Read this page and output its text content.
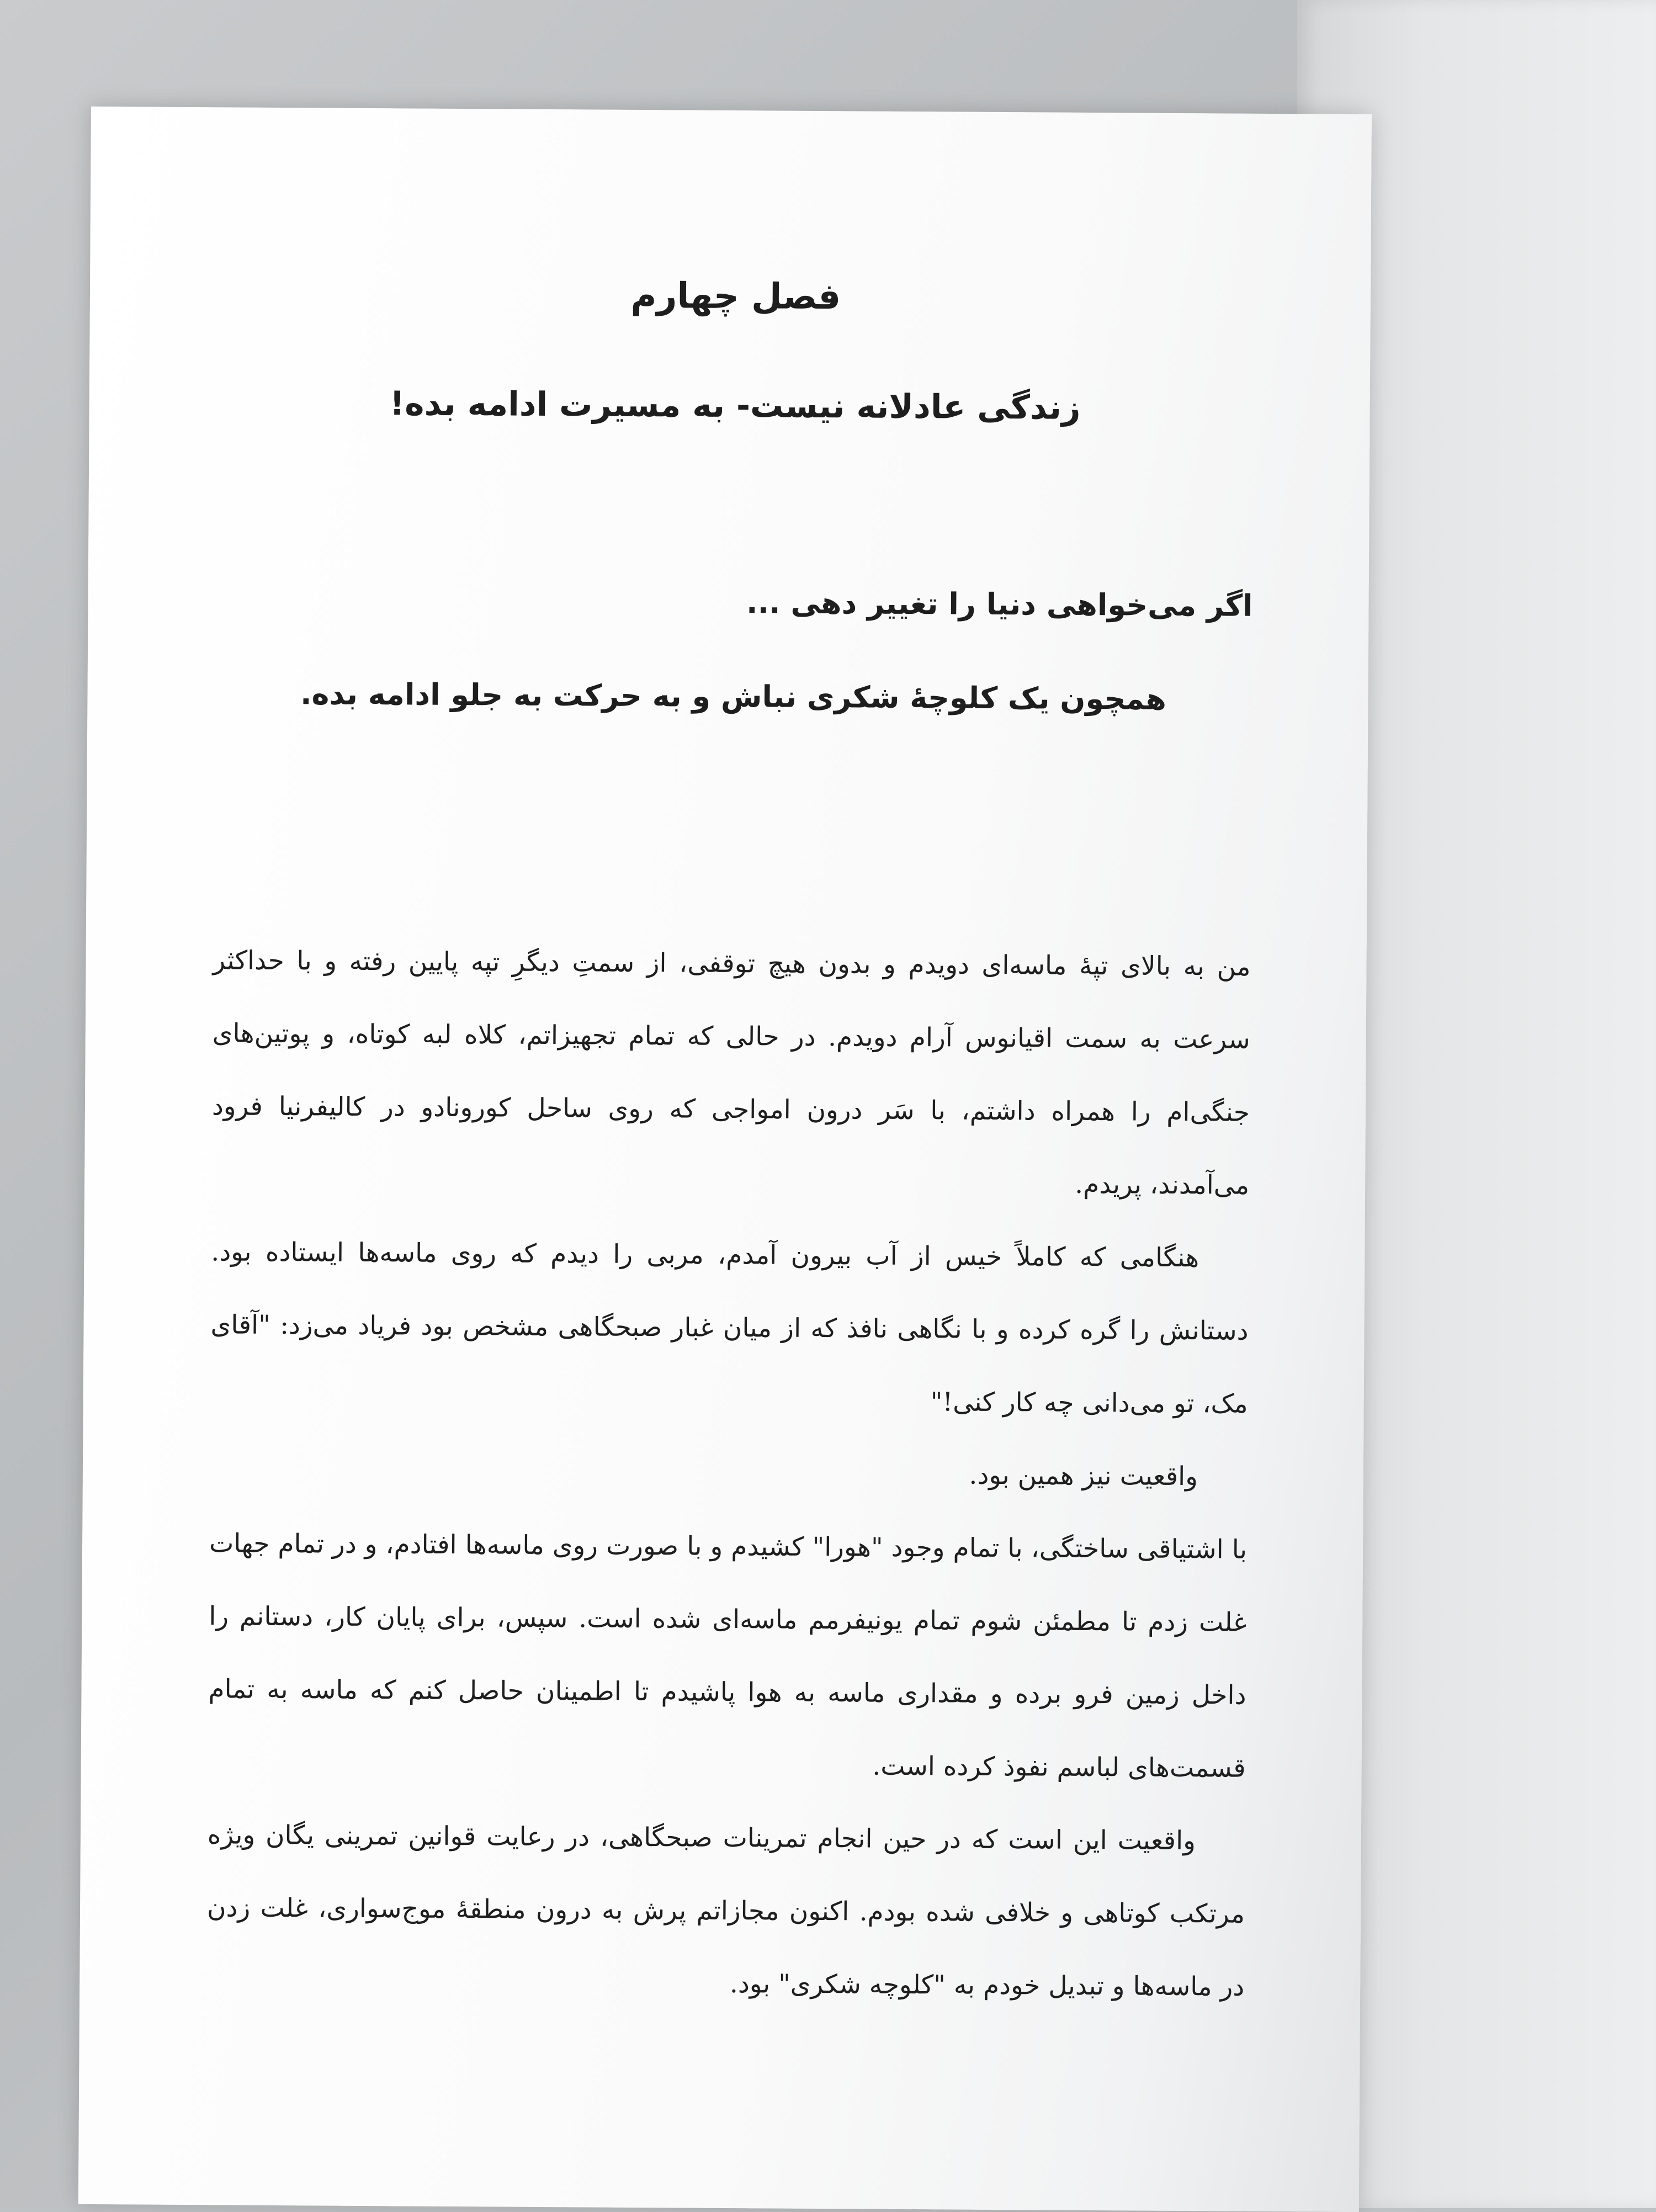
فصل چهارم
زندگی عادلانه نیست- به مسیرت ادامه بده!

اگر می‌خواهی دنیا را تغییر دهی ...

همچون یک کلوچهٔ شکری نباش و به حرکت به جلو ادامه بده.

من به بالای تپهٔ ماسه‌ای دویدم و بدون هیچ توقفی، از سمتِ دیگرِ تپه پایین رفته و با حداکثر سرعت به سمت اقیانوس آرام دویدم. در حالی که تمام تجهیزاتم، کلاه لبه کوتاه، و پوتین‌های جنگی‌ام را همراه داشتم، با سَر درون امواجی که روی ساحل کورونادو در کالیفرنیا فرود می‌آمدند، پریدم.

هنگامی که کاملاً خیس از آب بیرون آمدم، مربی را دیدم که روی ماسه‌ها ایستاده بود. دستانش را گره کرده و با نگاهی نافذ که از میان غبار صبحگاهی مشخص بود فریاد می‌زد: "آقای مک، تو می‌دانی چه کار کنی!"

واقعیت نیز همین بود.

با اشتیاقی ساختگی، با تمام وجود "هورا" کشیدم و با صورت روی ماسه‌ها افتادم، و در تمام جهات غلت زدم تا مطمئن شوم تمام یونیفرمم ماسه‌ای شده است. سپس، برای پایان کار، دستانم را داخل زمین فرو برده و مقداری ماسه به هوا پاشیدم تا اطمینان حاصل کنم که ماسه به تمام قسمت‌های لباسم نفوذ کرده است.

واقعیت این است که در حین انجام تمرینات صبحگاهی، در رعایت قوانین تمرینی یگان ویژه مرتکب کوتاهی و خلافی شده بودم. اکنون مجازاتم پرش به درون منطقهٔ موج‌سواری، غلت زدن در ماسه‌ها و تبدیل خودم به "کلوچه شکری" بود.
